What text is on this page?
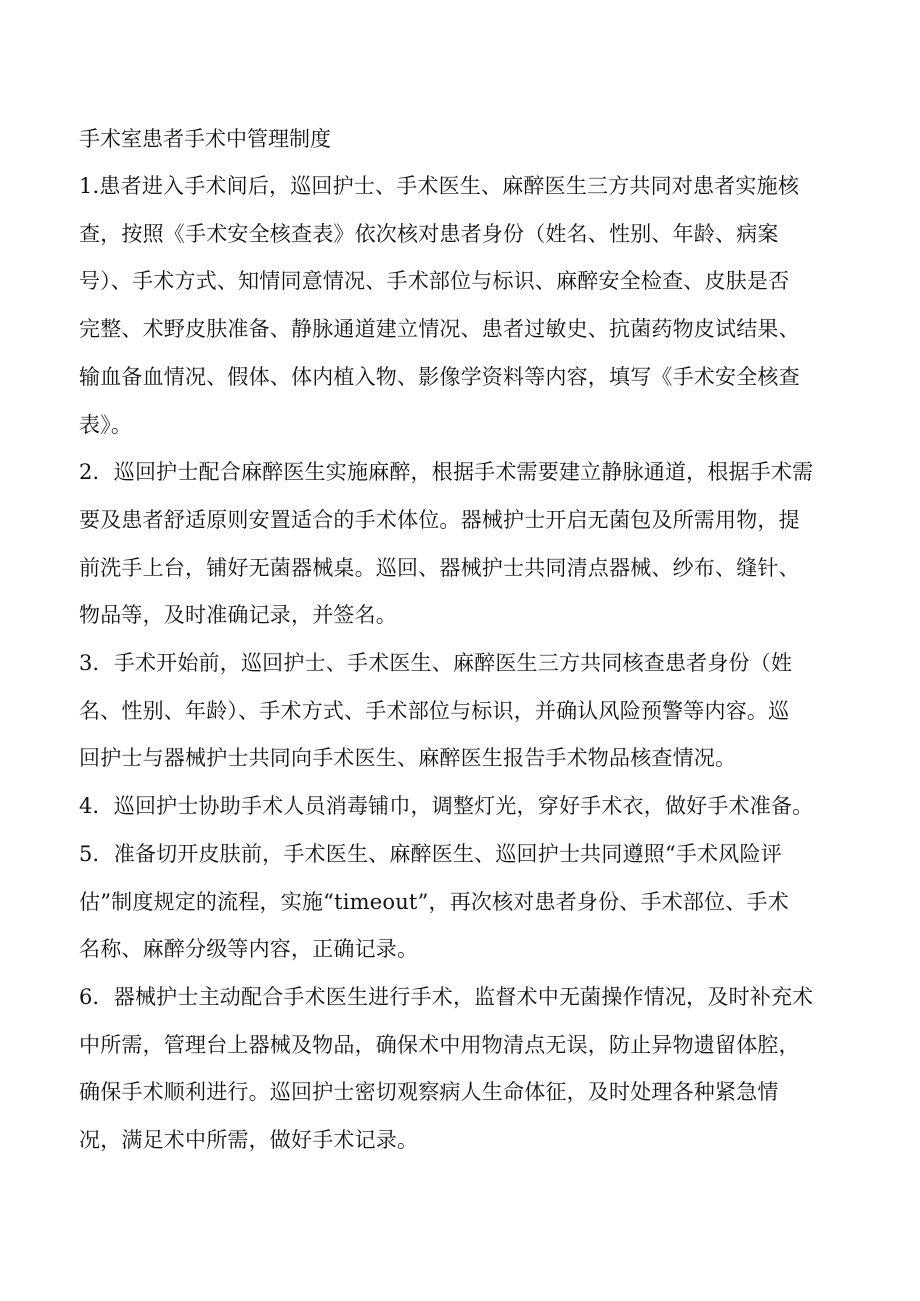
手术室患者手术中管理制度

1.患者进入手术间后，巡回护士、手术医生、麻醉医生三方共同对患者实施核
查，按照《手术安全核查表》依次核对患者身份（姓名、性别、年龄、病案
号）、手术方式、知情同意情况、手术部位与标识、麻醉安全检查、皮肤是否
完整、术野皮肤准备、静脉通道建立情况、患者过敏史、抗菌药物皮试结果、
输血备血情况、假体、体内植入物、影像学资料等内容，填写《手术安全核查
表》。

2．巡回护士配合麻醉医生实施麻醉，根据手术需要建立静脉通道，根据手术需
要及患者舒适原则安置适合的手术体位。器械护士开启无菌包及所需用物，提
前洗手上台，铺好无菌器械桌。巡回、器械护士共同清点器械、纱布、缝针、
物品等，及时准确记录，并签名。

3．手术开始前，巡回护士、手术医生、麻醉医生三方共同核查患者身份（姓
名、性别、年龄）、手术方式、手术部位与标识，并确认风险预警等内容。巡
回护士与器械护士共同向手术医生、麻醉医生报告手术物品核查情况。

4．巡回护士协助手术人员消毒铺巾，调整灯光，穿好手术衣，做好手术准备。

5．准备切开皮肤前，手术医生、麻醉医生、巡回护士共同遵照“手术风险评
估”制度规定的流程，实施“timeout”，再次核对患者身份、手术部位、手术
名称、麻醉分级等内容，正确记录。

6．器械护士主动配合手术医生进行手术，监督术中无菌操作情况，及时补充术
中所需，管理台上器械及物品，确保术中用物清点无误，防止异物遗留体腔，
确保手术顺利进行。巡回护士密切观察病人生命体征，及时处理各种紧急情
况，满足术中所需，做好手术记录。
